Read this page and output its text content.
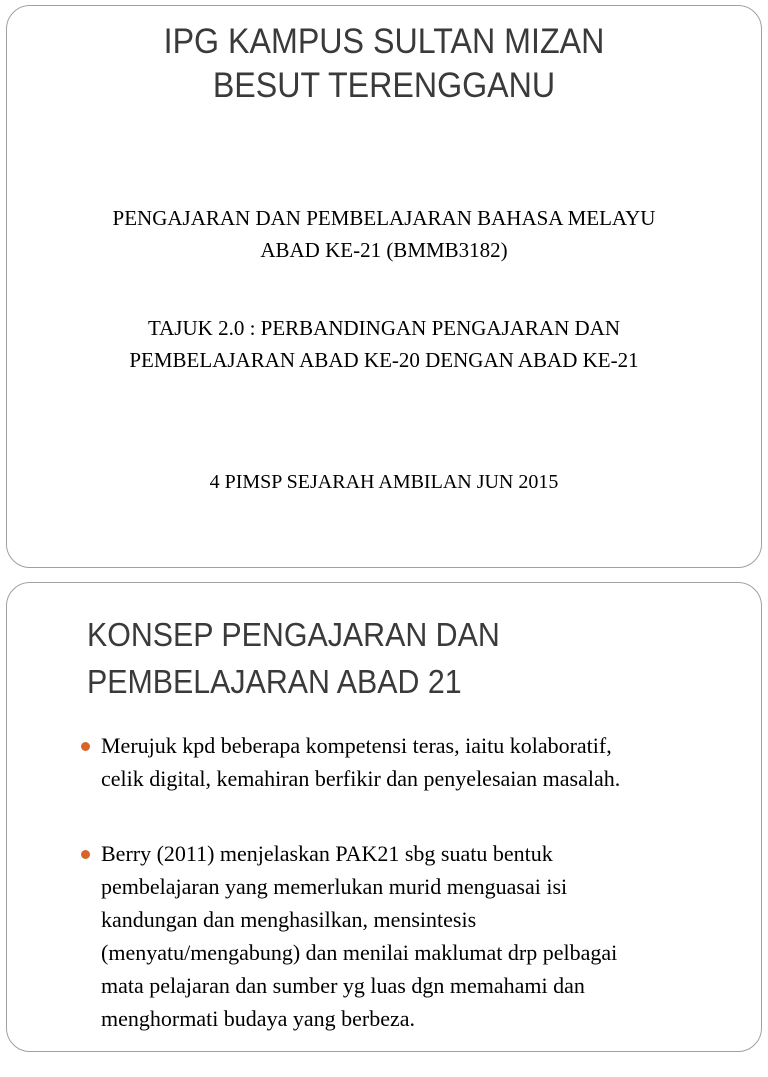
IPG KAMPUS SULTAN MIZAN
BESUT TERENGGANU
PENGAJARAN DAN PEMBELAJARAN BAHASA MELAYU
ABAD KE-21 (BMMB3182)
TAJUK 2.0 : PERBANDINGAN PENGAJARAN DAN
PEMBELAJARAN ABAD KE-20 DENGAN ABAD KE-21
4 PIMSP SEJARAH AMBILAN JUN 2015
KONSEP PENGAJARAN DAN
PEMBELAJARAN ABAD 21
Merujuk kpd beberapa kompetensi teras, iaitu kolaboratif,
celik digital, kemahiran berfikir dan penyelesaian masalah.
Berry (2011) menjelaskan PAK21 sbg suatu bentuk
pembelajaran yang memerlukan murid menguasai isi
kandungan dan menghasilkan, mensintesis
(menyatu/mengabung) dan menilai maklumat drp pelbagai
mata pelajaran dan sumber yg luas dgn memahami dan
menghormati budaya yang berbeza.
